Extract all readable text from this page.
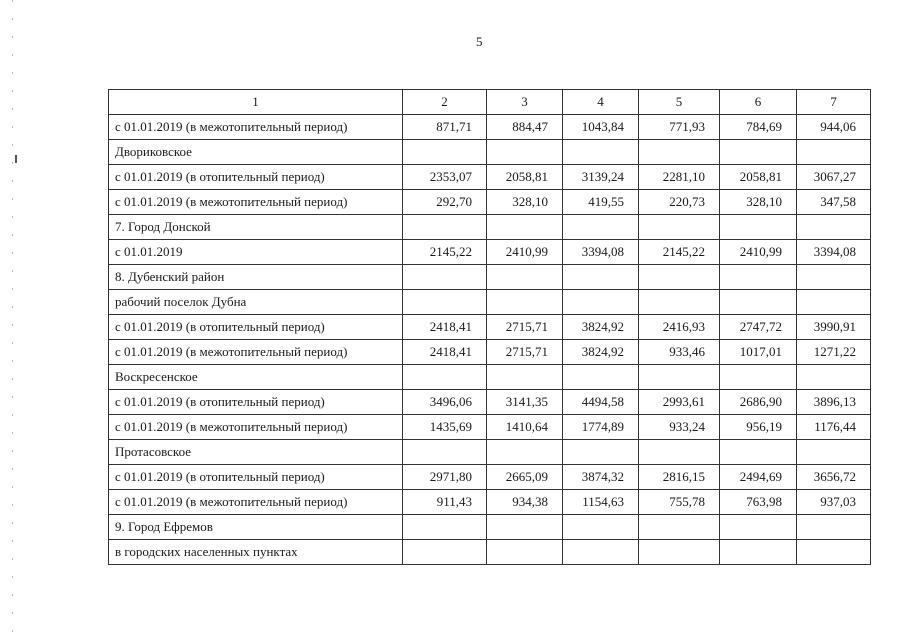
5
1	2	3	4	5	6	7
с 01.01.2019 (в межотопительный период)	871,71	884,47	1043,84	771,93	784,69	944,06
Двориковское						
с 01.01.2019 (в отопительный период)	2353,07	2058,81	3139,24	2281,10	2058,81	3067,27
с 01.01.2019 (в межотопительный период)	292,70	328,10	419,55	220,73	328,10	347,58
7. Город Донской						
с 01.01.2019	2145,22	2410,99	3394,08	2145,22	2410,99	3394,08
8. Дубенский район						
рабочий поселок Дубна						
с 01.01.2019 (в отопительный период)	2418,41	2715,71	3824,92	2416,93	2747,72	3990,91
с 01.01.2019 (в межотопительный период)	2418,41	2715,71	3824,92	933,46	1017,01	1271,22
Воскресенское						
с 01.01.2019 (в отопительный период)	3496,06	3141,35	4494,58	2993,61	2686,90	3896,13
с 01.01.2019 (в межотопительный период)	1435,69	1410,64	1774,89	933,24	956,19	1176,44
Протасовское						
с 01.01.2019 (в отопительный период)	2971,80	2665,09	3874,32	2816,15	2494,69	3656,72
с 01.01.2019 (в межотопительный период)	911,43	934,38	1154,63	755,78	763,98	937,03
9. Город Ефремов						
в городских населенных пунктах						
